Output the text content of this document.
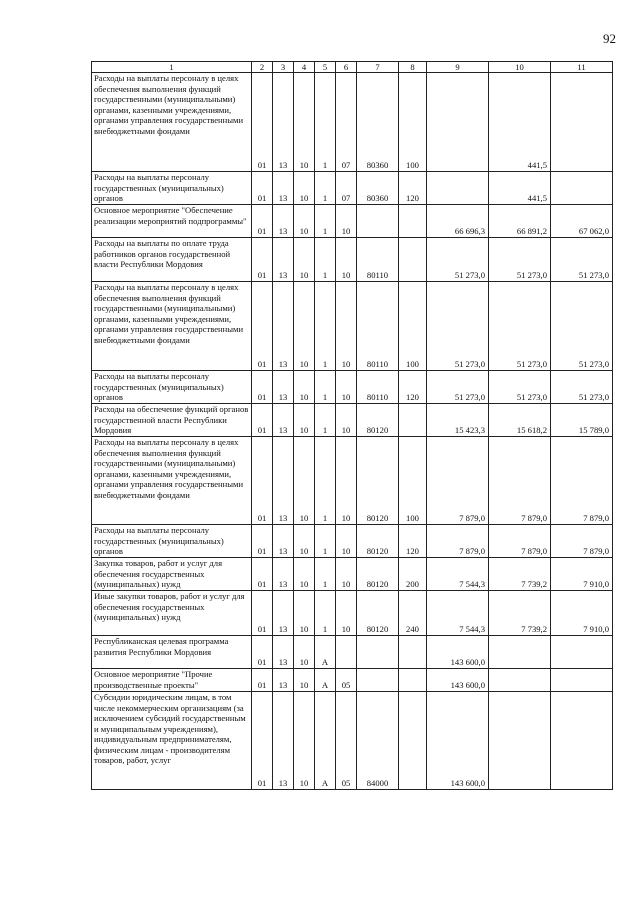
92
1	2	3	4	5	6	7	8	9	10	11
Расходы на выплаты персоналу в целях обеспечения выполнения функций государственными (муниципальными) органами, казенными учреждениями, органами управления государственными внебюджетными фондами	01	13	10	1	07	80360	100		441,5	
Расходы на выплаты персоналу государственных (муниципальных) органов	01	13	10	1	07	80360	120		441,5	
Основное мероприятие "Обеспечение реализации мероприятий подпрограммы"	01	13	10	1	10			66 696,3	66 891,2	67 062,0
Расходы на выплаты по оплате труда работников органов государственной власти Республики Мордовия	01	13	10	1	10	80110		51 273,0	51 273,0	51 273,0
Расходы на выплаты персоналу в целях обеспечения выполнения функций государственными (муниципальными) органами, казенными учреждениями, органами управления государственными внебюджетными фондами	01	13	10	1	10	80110	100	51 273,0	51 273,0	51 273,0
Расходы на выплаты персоналу государственных (муниципальных) органов	01	13	10	1	10	80110	120	51 273,0	51 273,0	51 273,0
Расходы на обеспечение функций органов государственной власти Республики Мордовия	01	13	10	1	10	80120		15 423,3	15 618,2	15 789,0
Расходы на выплаты персоналу в целях обеспечения выполнения функций государственными (муниципальными) органами, казенными учреждениями, органами управления государственными внебюджетными фондами	01	13	10	1	10	80120	100	7 879,0	7 879,0	7 879,0
Расходы на выплаты персоналу государственных (муниципальных) органов	01	13	10	1	10	80120	120	7 879,0	7 879,0	7 879,0
Закупка товаров, работ и услуг для обеспечения государственных (муниципальных) нужд	01	13	10	1	10	80120	200	7 544,3	7 739,2	7 910,0
Иные закупки товаров, работ и услуг для обеспечения государственных (муниципальных) нужд	01	13	10	1	10	80120	240	7 544,3	7 739,2	7 910,0
Республиканская целевая программа развития Республики Мордовия	01	13	10	А				143 600,0		
Основное мероприятие "Прочие производственные проекты"	01	13	10	А	05			143 600,0		
Субсидии юридическим лицам, в том числе некоммерческим организациям (за исключением субсидий государственным и муниципальным учреждениям), индивидуальным предпринимателям, физическим лицам - производителям товаров, работ, услуг	01	13	10	А	05	84000		143 600,0		
